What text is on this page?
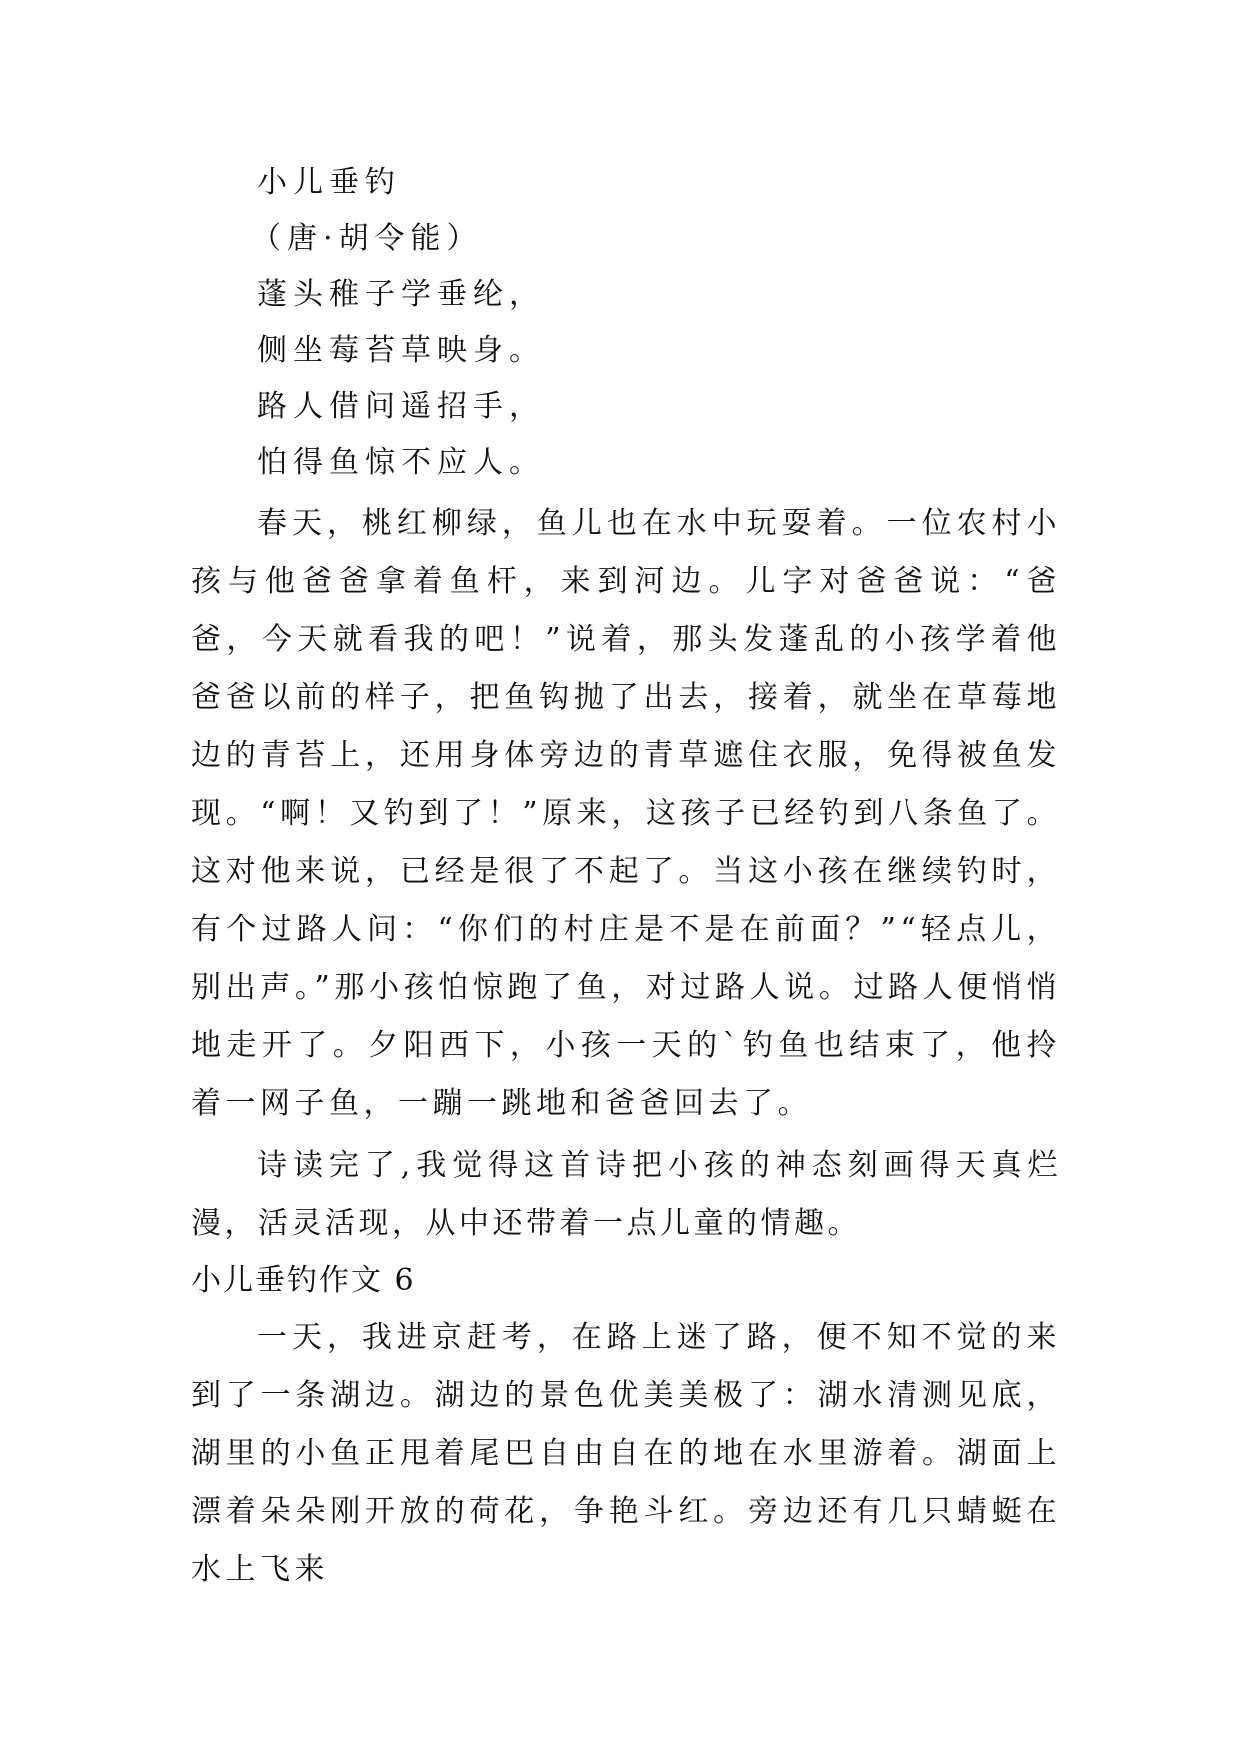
小儿垂钓
（唐·胡令能）
蓬头稚子学垂纶，
侧坐莓苔草映身。
路人借问遥招手，
怕得鱼惊不应人。

春天，桃红柳绿，鱼儿也在水中玩耍着。一位农村小孩与他爸爸拿着鱼杆，来到河边。儿字对爸爸说：“爸爸，今天就看我的吧！”说着，那头发蓬乱的小孩学着他爸爸以前的样子，把鱼钩抛了出去，接着，就坐在草莓地边的青苔上，还用身体旁边的青草遮住衣服，免得被鱼发现。“啊！又钓到了！”原来，这孩子已经钓到八条鱼了。这对他来说，已经是很了不起了。当这小孩在继续钓时，有个过路人问：“你们的村庄是不是在前面？”“轻点儿，别出声。”那小孩怕惊跑了鱼，对过路人说。过路人便悄悄地走开了。夕阳西下，小孩一天的`钓鱼也结束了，他拎着一网子鱼，一蹦一跳地和爸爸回去了。

诗读完了,我觉得这首诗把小孩的神态刻画得天真烂漫，活灵活现，从中还带着一点儿童的情趣。

小儿垂钓作文 6

一天，我进京赶考，在路上迷了路，便不知不觉的来到了一条湖边。湖边的景色优美美极了：湖水清测见底，湖里的小鱼正甩着尾巴自由自在的地在水里游着。湖面上漂着朵朵刚开放的荷花，争艳斗红。旁边还有几只蜻蜓在水上飞来
